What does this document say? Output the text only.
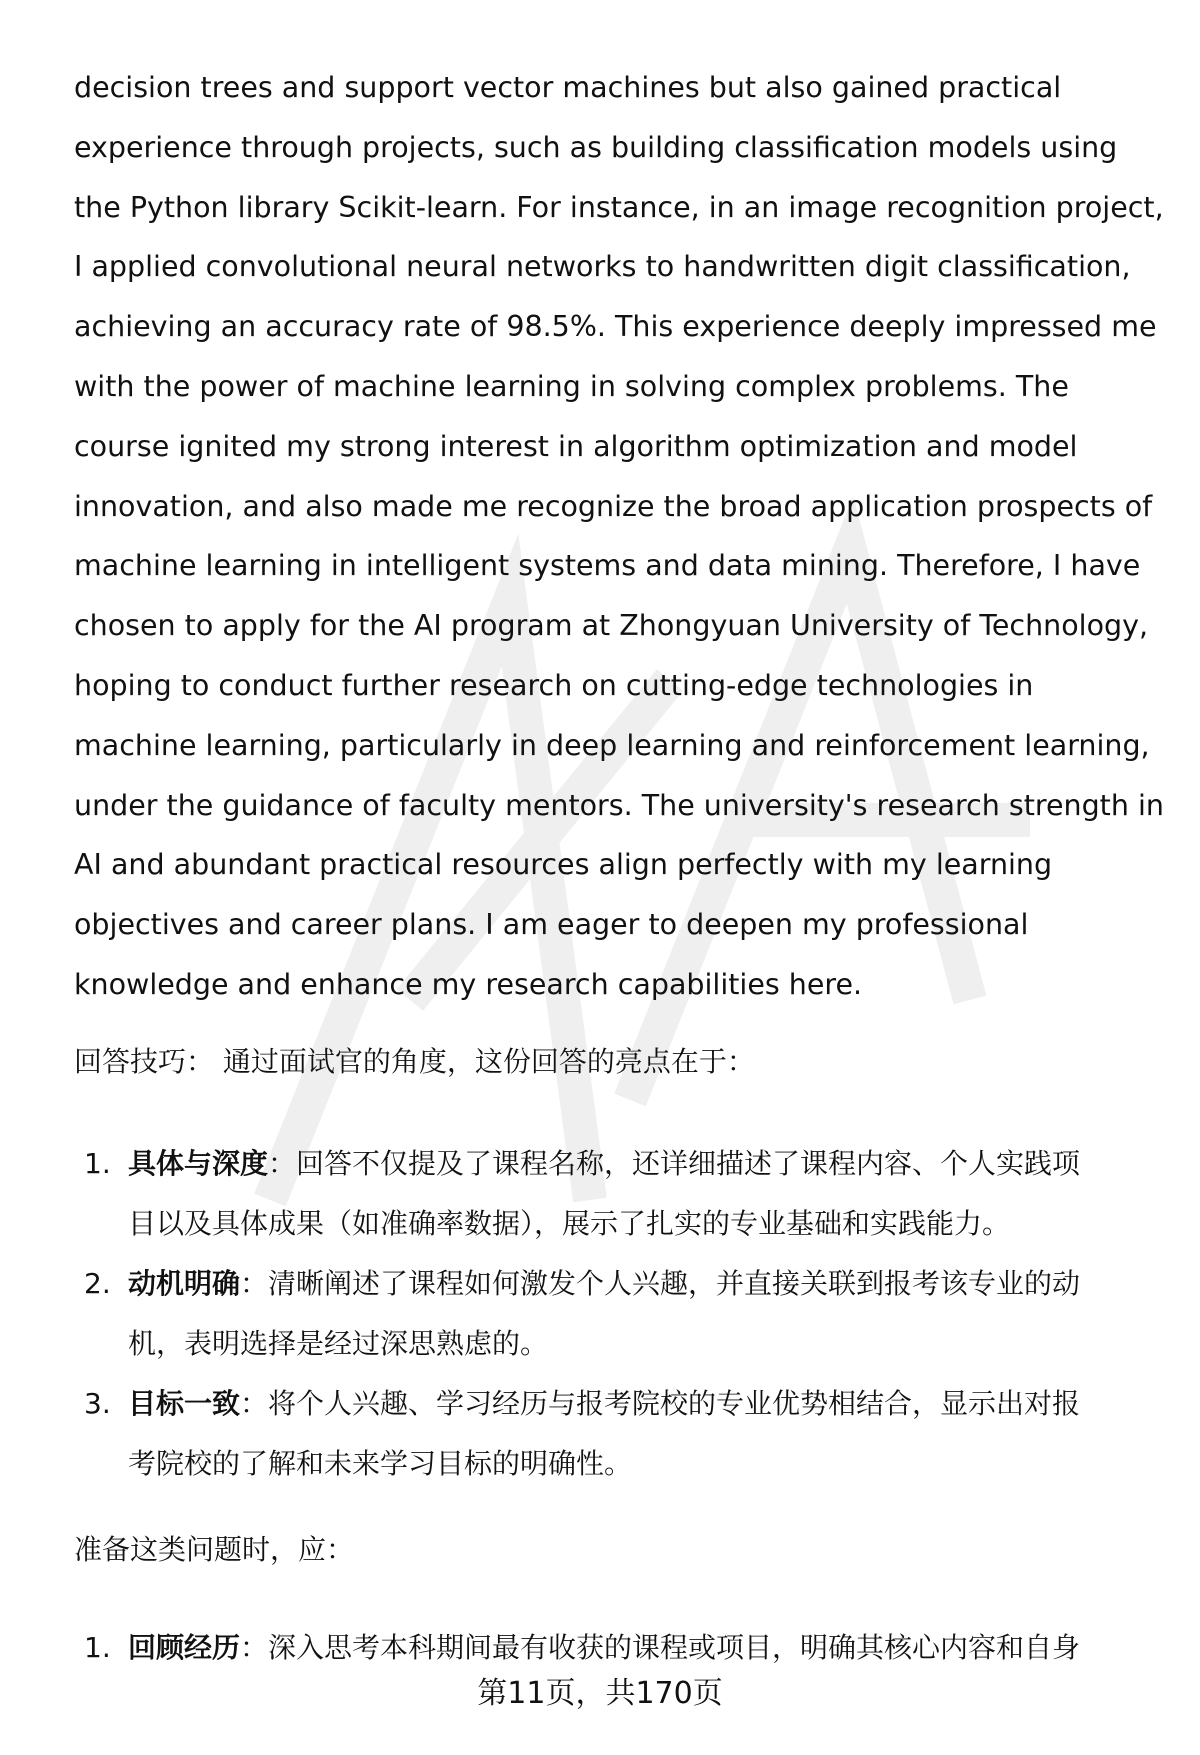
decision trees and support vector machines but also gained practical
experience through projects, such as building classification models using
the Python library Scikit-learn. For instance, in an image recognition project,
I applied convolutional neural networks to handwritten digit classification,
achieving an accuracy rate of 98.5%. This experience deeply impressed me
with the power of machine learning in solving complex problems. The
course ignited my strong interest in algorithm optimization and model
innovation, and also made me recognize the broad application prospects of
machine learning in intelligent systems and data mining. Therefore, I have
chosen to apply for the AI program at Zhongyuan University of Technology,
hoping to conduct further research on cutting-edge technologies in
machine learning, particularly in deep learning and reinforcement learning,
under the guidance of faculty mentors. The university's research strength in
AI and abundant practical resources align perfectly with my learning
objectives and career plans. I am eager to deepen my professional
knowledge and enhance my research capabilities here.

回答技巧： 通过面试官的角度，这份回答的亮点在于：

1. 具体与深度：回答不仅提及了课程名称，还详细描述了课程内容、个人实践项
目以及具体成果（如准确率数据），展示了扎实的专业基础和实践能力。
2. 动机明确：清晰阐述了课程如何激发个人兴趣，并直接关联到报考该专业的动
机，表明选择是经过深思熟虑的。
3. 目标一致：将个人兴趣、学习经历与报考院校的专业优势相结合，显示出对报
考院校的了解和未来学习目标的明确性。

准备这类问题时，应：

1. 回顾经历：深入思考本科期间最有收获的课程或项目，明确其核心内容和自身
第11页，共170页
